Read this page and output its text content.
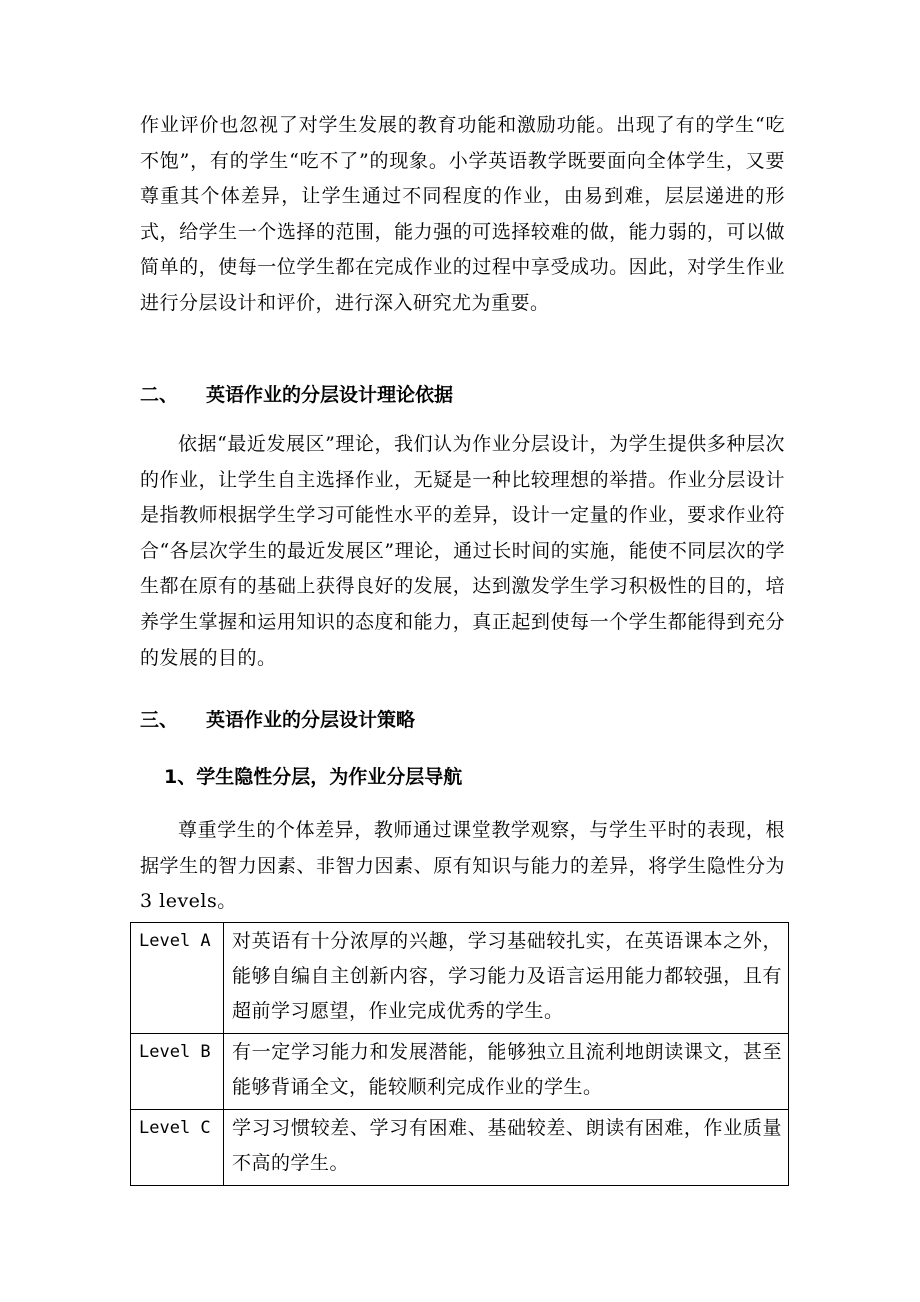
作业评价也忽视了对学生发展的教育功能和激励功能。出现了有的学生“吃不饱”，有的学生“吃不了”的现象。小学英语教学既要面向全体学生，又要尊重其个体差异，让学生通过不同程度的作业，由易到难，层层递进的形式，给学生一个选择的范围，能力强的可选择较难的做，能力弱的，可以做简单的，使每一位学生都在完成作业的过程中享受成功。因此，对学生作业进行分层设计和评价，进行深入研究尤为重要。

二、 英语作业的分层设计理论依据

依据“最近发展区”理论，我们认为作业分层设计，为学生提供多种层次的作业，让学生自主选择作业，无疑是一种比较理想的举措。作业分层设计是指教师根据学生学习可能性水平的差异，设计一定量的作业，要求作业符合“各层次学生的最近发展区”理论，通过长时间的实施，能使不同层次的学生都在原有的基础上获得良好的发展，达到激发学生学习积极性的目的，培养学生掌握和运用知识的态度和能力，真正起到使每一个学生都能得到充分的发展的目的。

三、 英语作业的分层设计策略
1、学生隐性分层，为作业分层导航

尊重学生的个体差异，教师通过课堂教学观察，与学生平时的表现，根据学生的智力因素、非智力因素、原有知识与能力的差异，将学生隐性分为 3 levels。

Level A	对英语有十分浓厚的兴趣，学习基础较扎实，在英语课本之外，能够自编自主创新内容，学习能力及语言运用能力都较强，且有超前学习愿望，作业完成优秀的学生。
Level B	有一定学习能力和发展潜能，能够独立且流利地朗读课文，甚至能够背诵全文，能较顺利完成作业的学生。
Level C	学习习惯较差、学习有困难、基础较差、朗读有困难，作业质量不高的学生。
